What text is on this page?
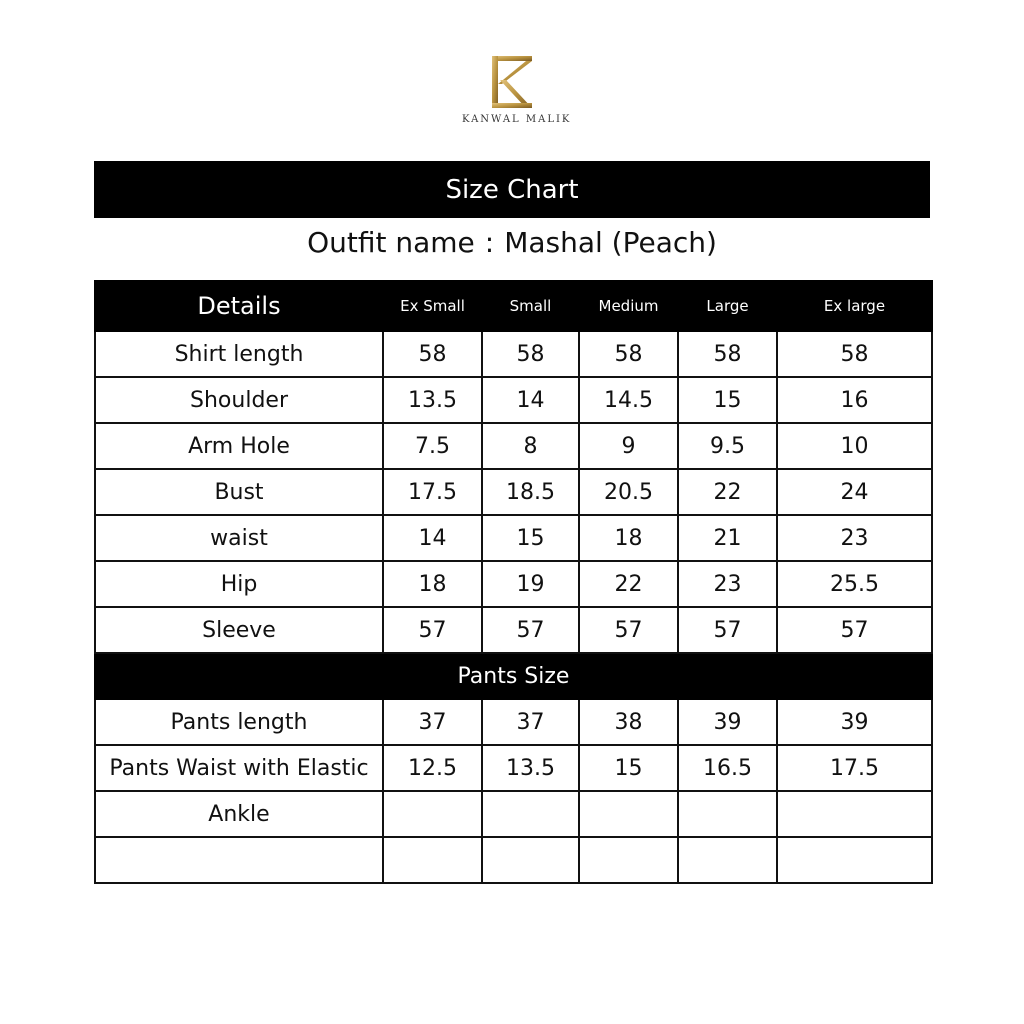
KANWAL MALIK
Size Chart
Outfit name : Mashal (Peach)
Details	Ex Small	Small	Medium	Large	Ex large
Shirt length	58	58	58	58	58
Shoulder	13.5	14	14.5	15	16
Arm Hole	7.5	8	9	9.5	10
Bust	17.5	18.5	20.5	22	24
waist	14	15	18	21	23
Hip	18	19	22	23	25.5
Sleeve	57	57	57	57	57
Pants Size					
Pants length	37	37	38	39	39
Pants Waist with Elastic	12.5	13.5	15	16.5	17.5
Ankle					
